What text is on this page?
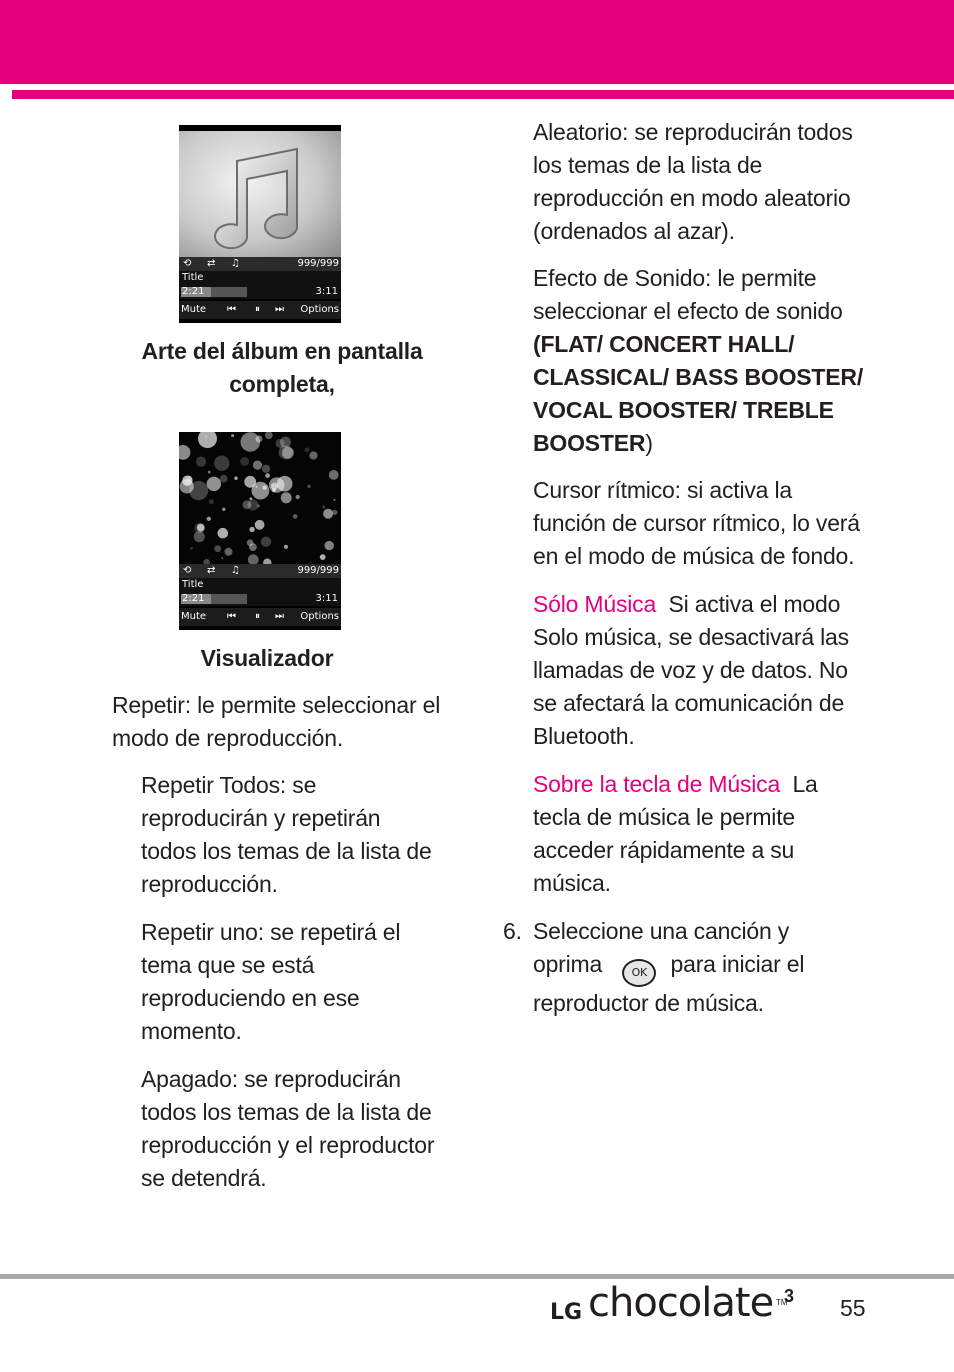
⟲ ⇄ ♫	999/999
Title
2:21	3:11
Mute ⏮ ⏸ ⏭ Options
Arte del álbum en pantalla
completa,
⟲ ⇄ ♫	999/999
Title
2:21	3:11
Mute ⏮ ⏸ ⏭ Options
Visualizador
Repetir: le permite seleccionar el
modo de reproducción.
Repetir Todos: se
reproducirán y repetirán
todos los temas de la lista de
reproducción.
Repetir uno: se repetirá el
tema que se está
reproduciendo en ese
momento.
Apagado: se reproducirán
todos los temas de la lista de
reproducción y el reproductor
se detendrá.
Aleatorio: se reproducirán todos
los temas de la lista de
reproducción en modo aleatorio
(ordenados al azar).
Efecto de Sonido: le permite
seleccionar el efecto de sonido
(FLAT/ CONCERT HALL/
CLASSICAL/ BASS BOOSTER/
VOCAL BOOSTER/ TREBLE
BOOSTER)
Cursor rítmico: si activa la
función de cursor rítmico, lo verá
en el modo de música de fondo.
Sólo Música Si activa el modo
Solo música, se desactivará las
llamadas de voz y de datos. No
se afectará la comunicación de
Bluetooth.
Sobre la tecla de Música La
tecla de música le permite
acceder rápidamente a su
música.
6. Seleccione una canción y
oprima	OK para iniciar el
reproductor de música.
LG chocolate TM
3 55
